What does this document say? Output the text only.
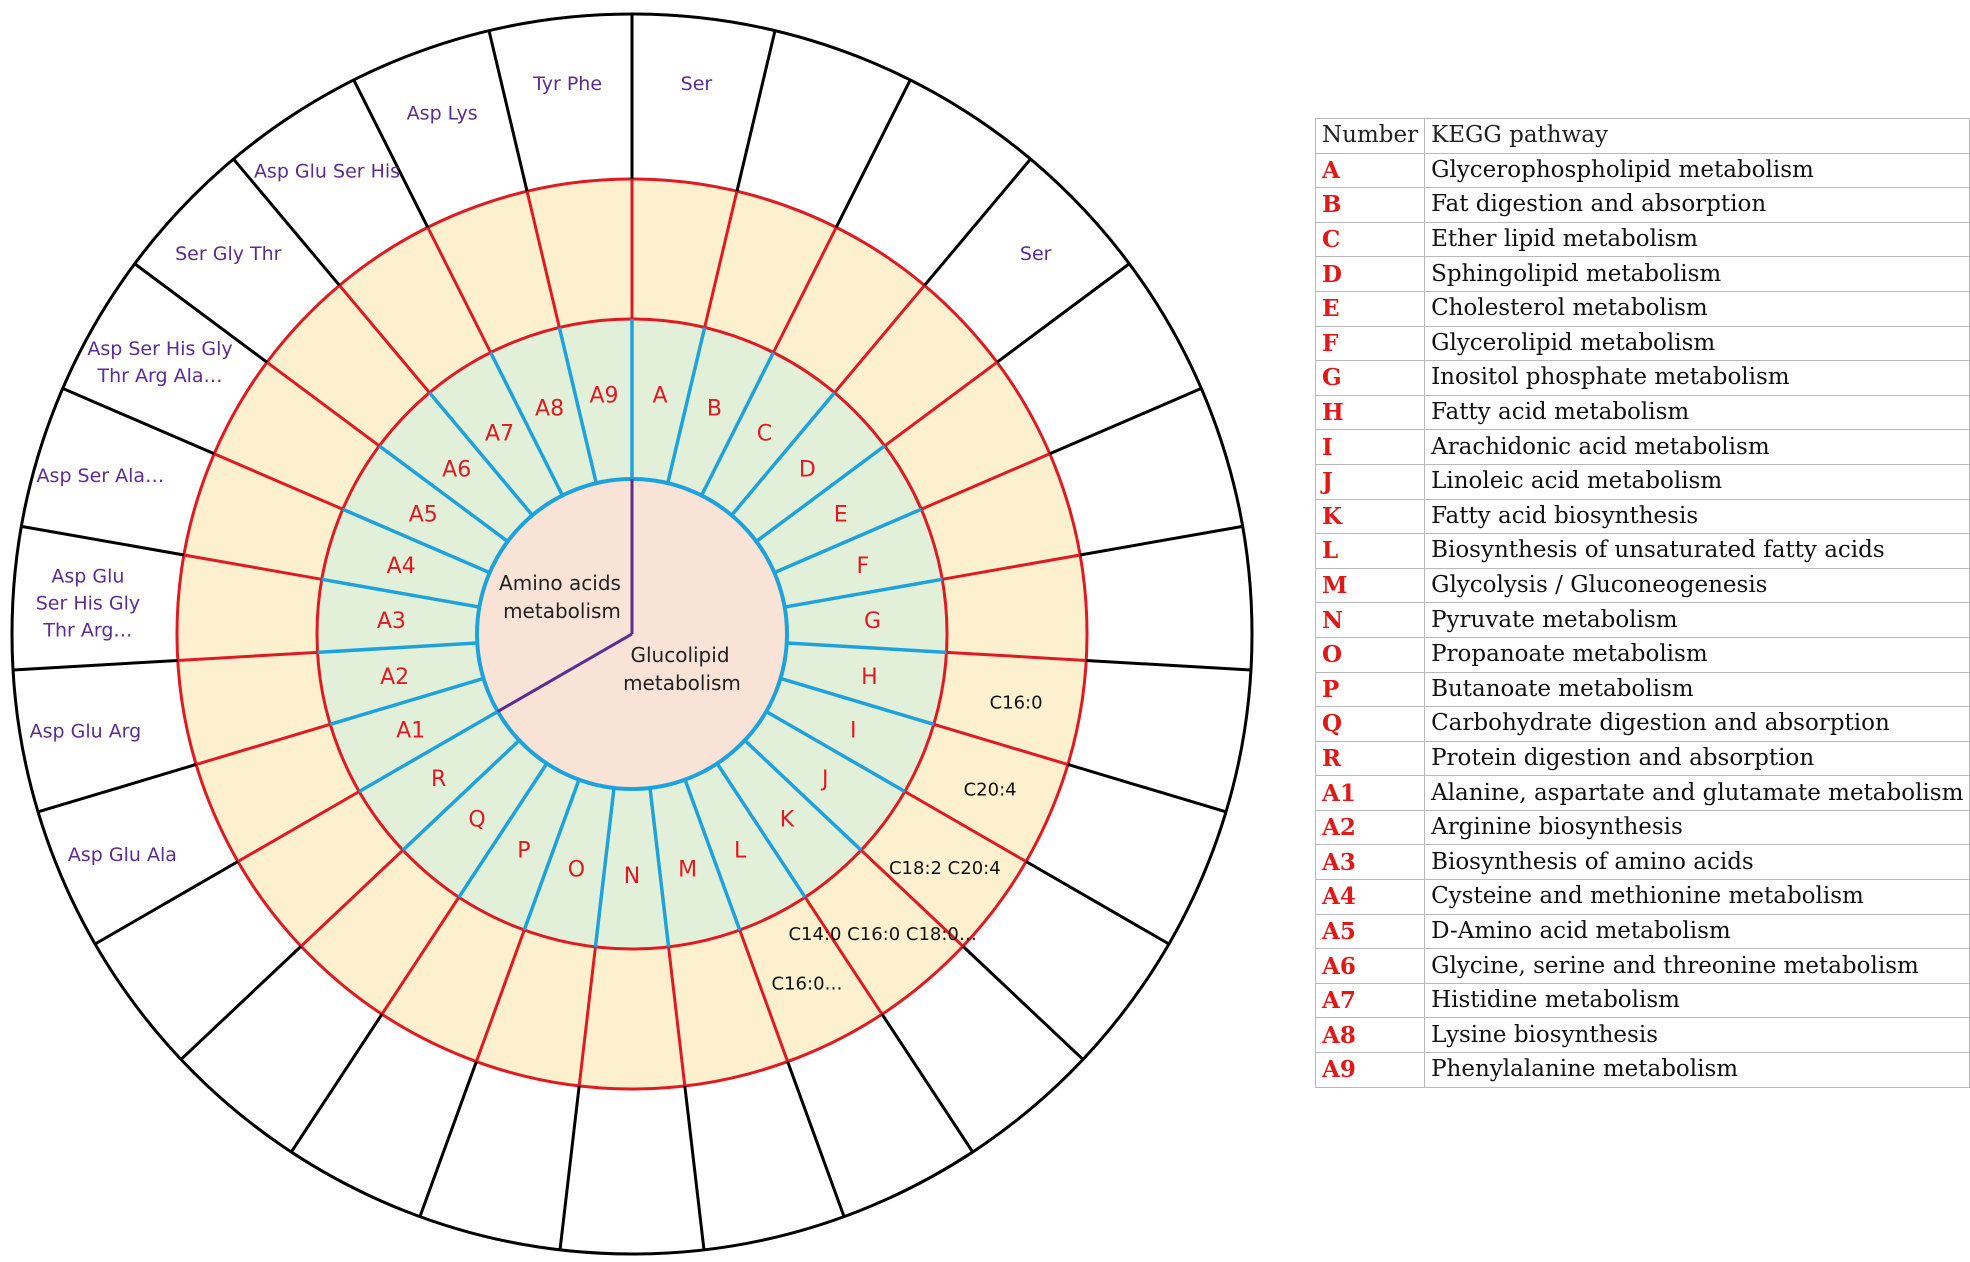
A
Ser
B
C
D
Ser
E
F
G
H
I
J
K
L
M
N
O
P
Q
R
A1
Asp Glu Ala
A2
Asp Glu Arg
A3
Asp Glu
Ser His Gly
Thr Arg…
A4
Asp Ser Ala…
A5
Asp Ser His Gly
Thr Arg Ala…
A6
Ser Gly Thr
A7
Asp Glu Ser His
A8
Asp Lys
A9
Tyr Phe
C16:0
C20:4
C18:2 C20:4
C14:0 C16:0 C18:0…
C16:0…
Amino acids
metabolism
Glucolipid
metabolism
Number	KEGG pathway
A	Glycerophospholipid metabolism
B	Fat digestion and absorption
C	Ether lipid metabolism
D	Sphingolipid metabolism
E	Cholesterol metabolism
F	Glycerolipid metabolism
G	Inositol phosphate metabolism
H	Fatty acid metabolism
I	Arachidonic acid metabolism
J	Linoleic acid metabolism
K	Fatty acid biosynthesis
L	Biosynthesis of unsaturated fatty acids
M	Glycolysis / Gluconeogenesis
N	Pyruvate metabolism
O	Propanoate metabolism
P	Butanoate metabolism
Q	Carbohydrate digestion and absorption
R	Protein digestion and absorption
A1	Alanine, aspartate and glutamate metabolism
A2	Arginine biosynthesis
A3	Biosynthesis of amino acids
A4	Cysteine and methionine metabolism
A5	D-Amino acid metabolism
A6	Glycine, serine and threonine metabolism
A7	Histidine metabolism
A8	Lysine biosynthesis
A9	Phenylalanine metabolism
